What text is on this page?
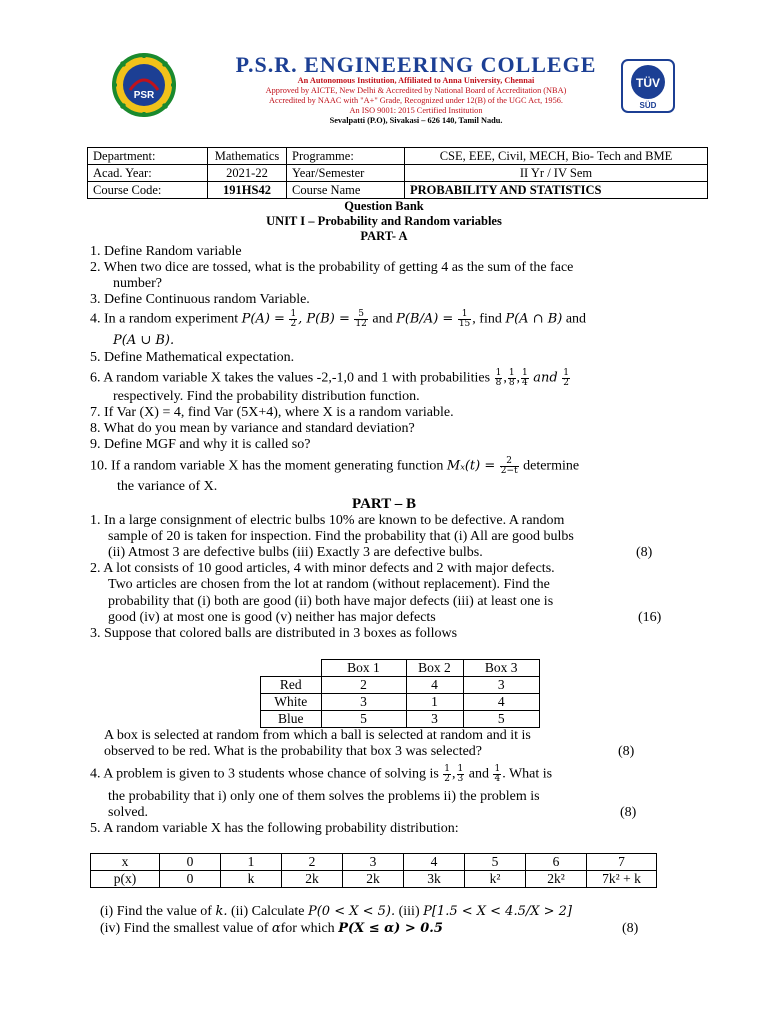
PSR
P.S.R. ENGINEERING COLLEGE
An Autonomous Institution, Affiliated to Anna University, Chennai
Approved by AICTE, New Delhi & Accredited by National Board of Accreditation (NBA)
Accredited by NAAC with "A+" Grade, Recognized under 12(B) of the UGC Act, 1956.
An ISO 9001: 2015 Certified Institution
Sevalpatti (P.O), Sivakasi – 626 140, Tamil Nadu.
TÜV
SÜD
Department:	Mathematics	Programme:	CSE, EEE, Civil, MECH, Bio- Tech and BME
Acad. Year:	2021-22	Year/Semester	II Yr / IV Sem
Course Code:	191HS42	Course Name	PROBABILITY AND STATISTICS
Question Bank
UNIT I – Probability and Random variables
PART- A
1. Define Random variable
2. When two dice are tossed, what is the probability of getting 4 as the sum of the face
number?
3. Define Continuous random Variable.
4. In a random experiment $P(A) = \frac{1}{2}$ , $P(B) = \frac{5}{12}$ and $P(B/A) = \frac{1}{15}$ , find P(A ∩ B) and
P(A ∪ B).
5. Define Mathematical expectation.
6. A random variable X takes the values -2,-1,0 and 1 with probabilities $\frac{1}{8}$ , $\frac{1}{8}$ , $\frac{1}{4}$ and $\frac{1}{2}$
respectively. Find the probability distribution function.
7. If Var (X) = 4, find Var (5X+4), where X is a random variable.
8. What do you mean by variance and standard deviation?
9. Define MGF and why it is called so?
10. If a random variable X has the moment generating function $M_x(t) = \frac{2}{2-t}$ determine
the variance of X.
PART – B
1. In a large consignment of electric bulbs 10% are known to be defective. A random
sample of 20 is taken for inspection. Find the probability that (i) All are good bulbs
(ii) Atmost 3 are defective bulbs (iii) Exactly 3 are defective bulbs.	(8)
2. A lot consists of 10 good articles, 4 with minor defects and 2 with major defects.
Two articles are chosen from the lot at random (without replacement). Find the
probability that (i) both are good (ii) both have major defects (iii) at least one is
good (iv) at most one is good (v) neither has major defects	(16)
3. Suppose that colored balls are distributed in 3 boxes as follows
	Box 1	Box 2	Box 3
Red	2	4	3
White	3	1	4
Blue	5	3	5
A box is selected at random from which a ball is selected at random and it is
observed to be red. What is the probability that box 3 was selected?	(8)
4. A problem is given to 3 students whose chance of solving is $\frac{1}{2}$ , $\frac{1}{3}$ and $\frac{1}{4}$ . What is
the probability that i) only one of them solves the problems ii) the problem is
solved.	(8)
5. A random variable X has the following probability distribution:
x	0	1	2	3	4	5	6	7
p(x)	0	k	2k	2k	3k	k²	2k²	7k² + k
(i) Find the value of k. (ii) Calculate P(0 < X < 5). (iii) P[1.5 < X < 4.5/X > 2]
(iv) Find the smallest value of αfor which P(X ≤ α) > 0.5	(8)
